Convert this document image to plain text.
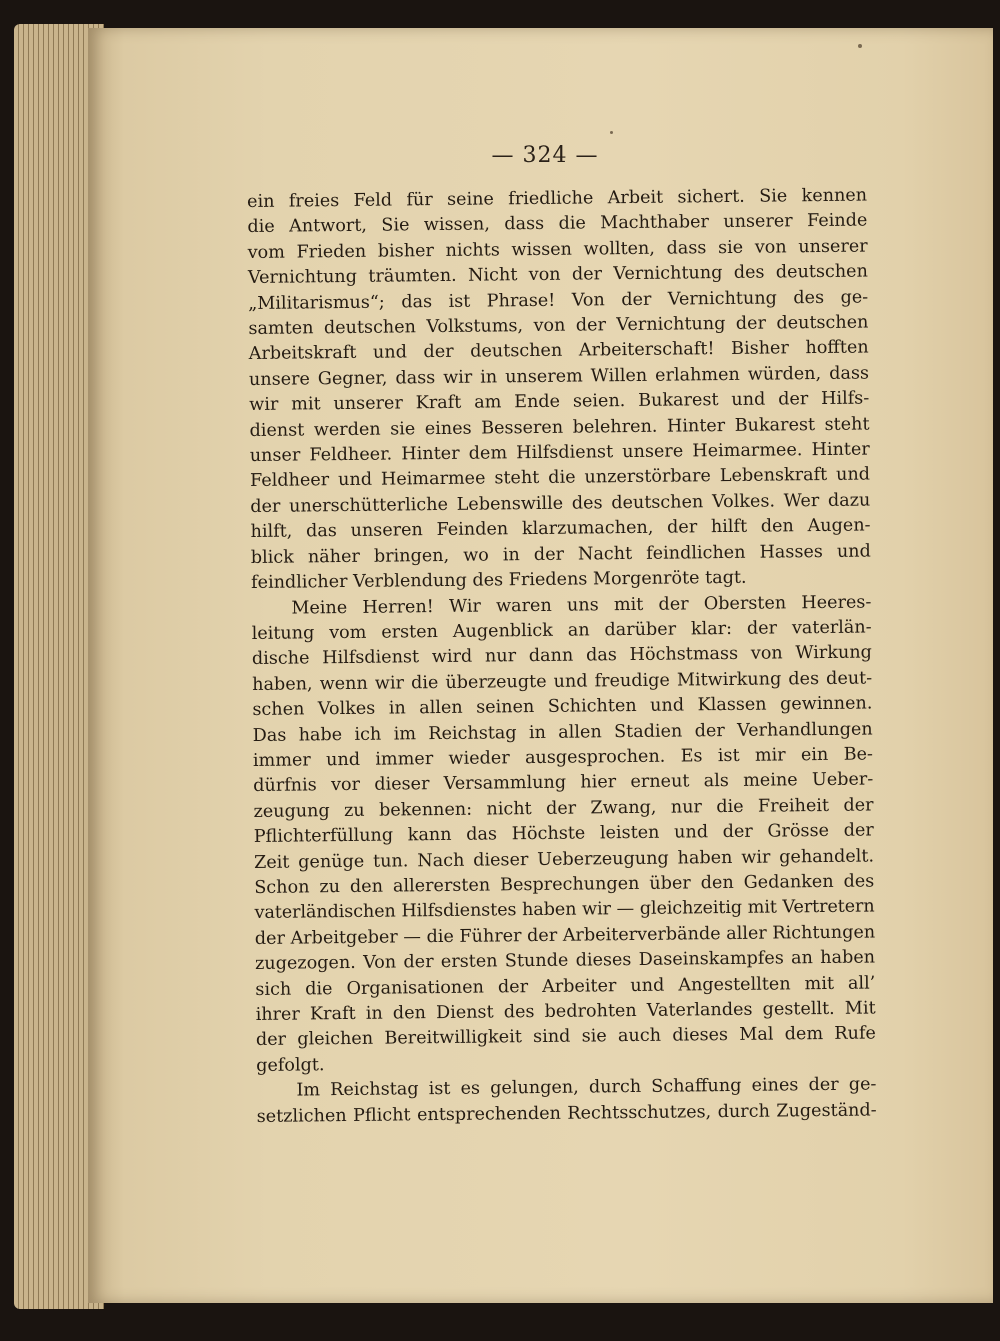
— 324 —
ein freies Feld für seine friedliche Arbeit sichert. Sie kennen
die Antwort, Sie wissen, dass die Machthaber unserer Feinde
vom Frieden bisher nichts wissen wollten, dass sie von unserer
Vernichtung träumten. Nicht von der Vernichtung des deutschen
„Militarismus“; das ist Phrase! Von der Vernichtung des ge-
samten deutschen Volkstums, von der Vernichtung der deutschen
Arbeitskraft und der deutschen Arbeiterschaft! Bisher hofften
unsere Gegner, dass wir in unserem Willen erlahmen würden, dass
wir mit unserer Kraft am Ende seien. Bukarest und der Hilfs-
dienst werden sie eines Besseren belehren. Hinter Bukarest steht
unser Feldheer. Hinter dem Hilfsdienst unsere Heimarmee. Hinter
Feldheer und Heimarmee steht die unzerstörbare Lebenskraft und
der unerschütterliche Lebenswille des deutschen Volkes. Wer dazu
hilft, das unseren Feinden klarzumachen, der hilft den Augen-
blick näher bringen, wo in der Nacht feindlichen Hasses und
feindlicher Verblendung des Friedens Morgenröte tagt.
Meine Herren! Wir waren uns mit der Obersten Heeres-
leitung vom ersten Augenblick an darüber klar: der vaterlän-
dische Hilfsdienst wird nur dann das Höchstmass von Wirkung
haben, wenn wir die überzeugte und freudige Mitwirkung des deut-
schen Volkes in allen seinen Schichten und Klassen gewinnen.
Das habe ich im Reichstag in allen Stadien der Verhandlungen
immer und immer wieder ausgesprochen. Es ist mir ein Be-
dürfnis vor dieser Versammlung hier erneut als meine Ueber-
zeugung zu bekennen: nicht der Zwang, nur die Freiheit der
Pflichterfüllung kann das Höchste leisten und der Grösse der
Zeit genüge tun. Nach dieser Ueberzeugung haben wir gehandelt.
Schon zu den allerersten Besprechungen über den Gedanken des
vaterländischen Hilfsdienstes haben wir — gleichzeitig mit Vertretern
der Arbeitgeber — die Führer der Arbeiterverbände aller Richtungen
zugezogen. Von der ersten Stunde dieses Daseinskampfes an haben
sich die Organisationen der Arbeiter und Angestellten mit all’
ihrer Kraft in den Dienst des bedrohten Vaterlandes gestellt. Mit
der gleichen Bereitwilligkeit sind sie auch dieses Mal dem Rufe
gefolgt.
Im Reichstag ist es gelungen, durch Schaffung eines der ge-
setzlichen Pflicht entsprechenden Rechtsschutzes, durch Zugeständ-
